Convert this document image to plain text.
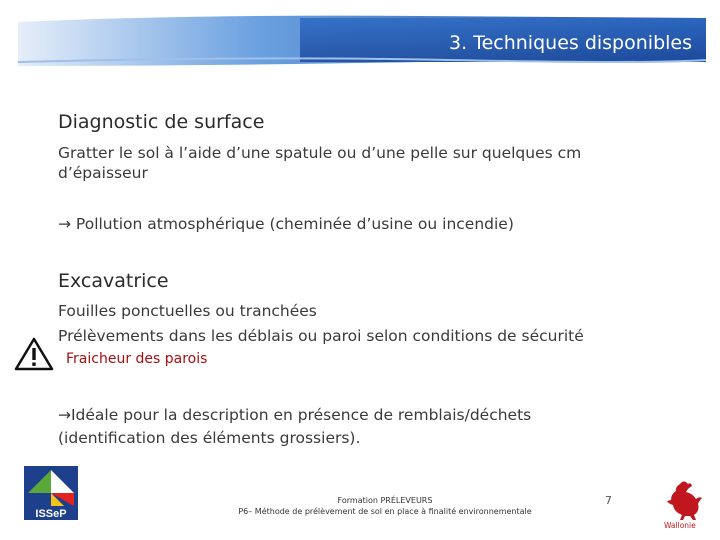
3. Techniques disponibles
Diagnostic de surface
Gratter le sol à l’aide d’une spatule ou d’une pelle sur quelques cm
d’épaisseur
→ Pollution atmosphérique (cheminée d’usine ou incendie)
Excavatrice
Fouilles ponctuelles ou tranchées
Prélèvements dans les déblais ou paroi selon conditions de sécurité
Fraicheur des parois
→Idéale pour la description en présence de remblais/déchets
(identification des éléments grossiers).
ISSeP
Formation PRÉLEVEURS
P6– Méthode de prélèvement de sol en place à finalité environnementale
7
Wallonie
